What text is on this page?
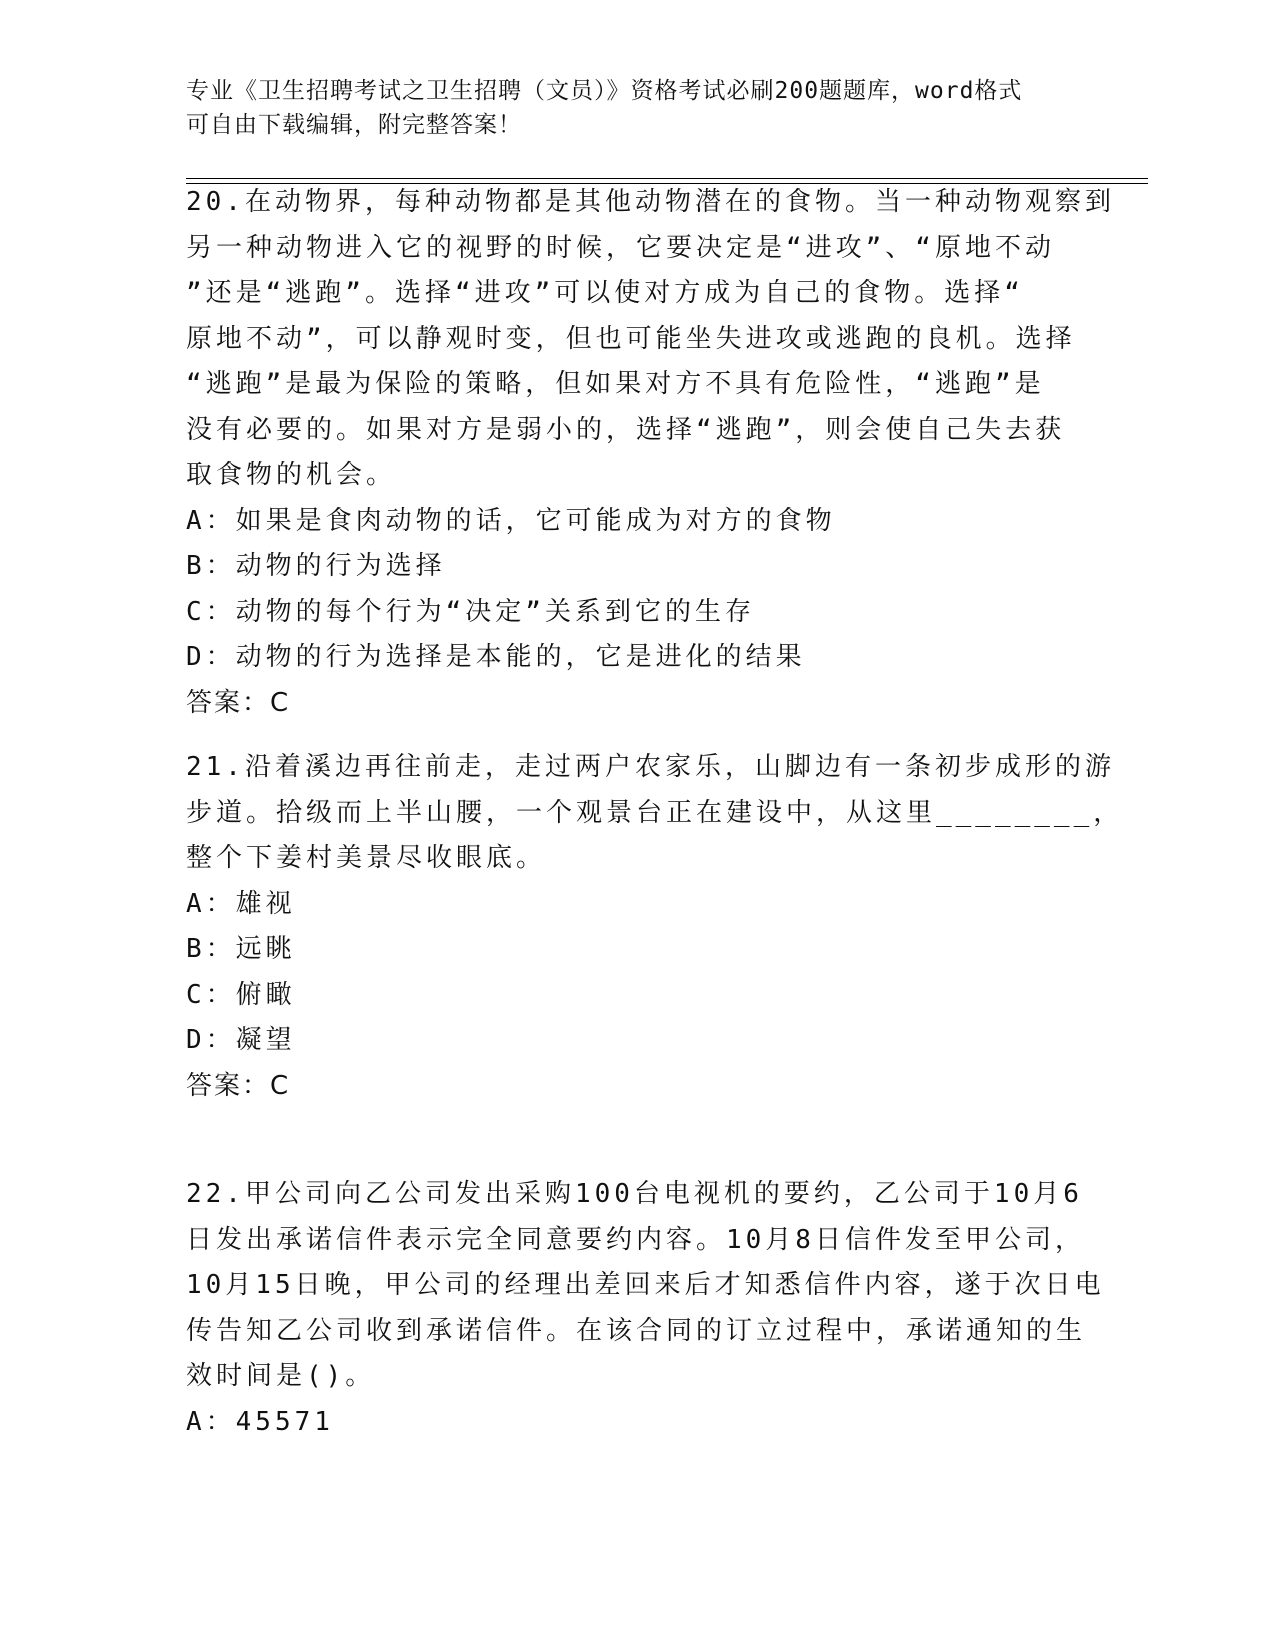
专业《卫生招聘考试之卫生招聘（文员）》资格考试必刷200题题库，word格式
可自由下载编辑，附完整答案！
20.在动物界，每种动物都是其他动物潜在的食物。当一种动物观察到
另一种动物进入它的视野的时候，它要决定是“进攻”、“原地不动
”还是“逃跑”。选择“进攻”可以使对方成为自己的食物。选择“
原地不动”，可以静观时变，但也可能坐失进攻或逃跑的良机。选择
“逃跑”是最为保险的策略，但如果对方不具有危险性，“逃跑”是
没有必要的。如果对方是弱小的，选择“逃跑”，则会使自己失去获
取食物的机会。
A：如果是食肉动物的话，它可能成为对方的食物
B：动物的行为选择
C：动物的每个行为“决定”关系到它的生存
D：动物的行为选择是本能的，它是进化的结果
答案：C
21.沿着溪边再往前走，走过两户农家乐，山脚边有一条初步成形的游
步道。拾级而上半山腰，一个观景台正在建设中，从这里________，
整个下姜村美景尽收眼底。
A：雄视
B：远眺
C：俯瞰
D：凝望
答案：C
22.甲公司向乙公司发出采购100台电视机的要约，乙公司于10月6
日发出承诺信件表示完全同意要约内容。10月8日信件发至甲公司，
10月15日晚，甲公司的经理出差回来后才知悉信件内容，遂于次日电
传告知乙公司收到承诺信件。在该合同的订立过程中，承诺通知的生
效时间是()。
A：45571
